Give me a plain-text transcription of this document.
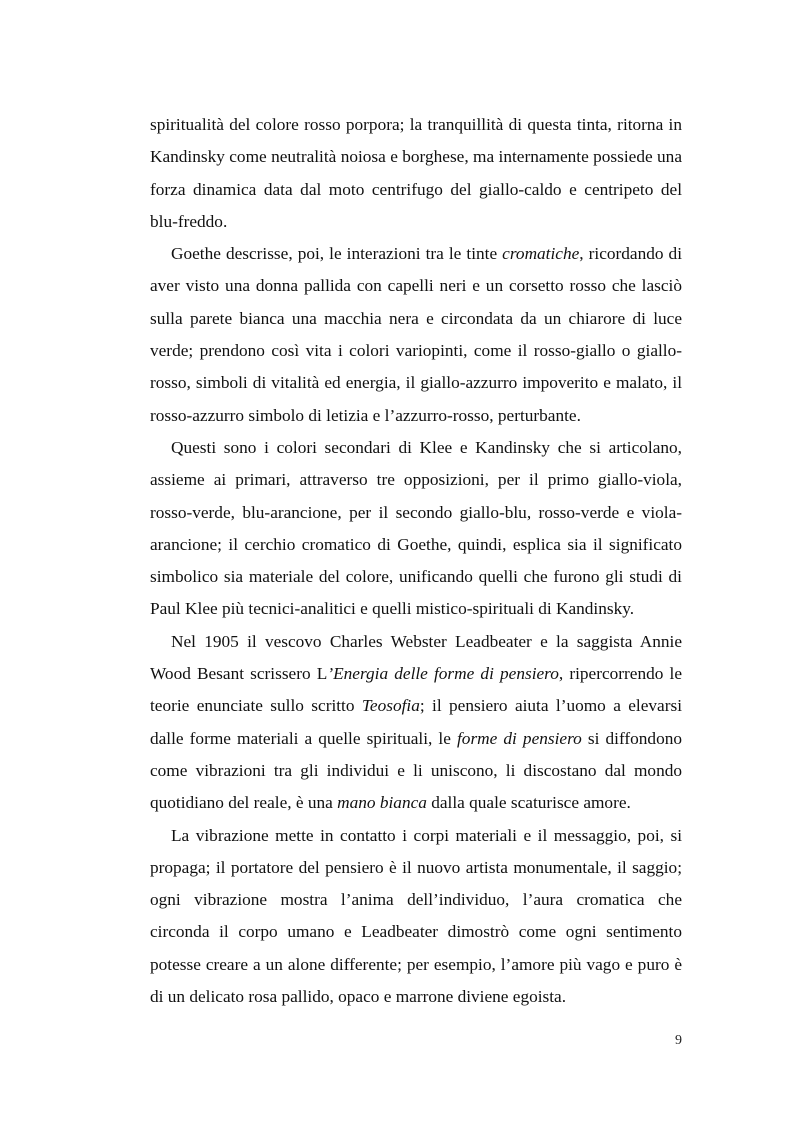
spiritualità del colore rosso porpora; la tranquillità di questa tinta, ritorna in Kandinsky come neutralità noiosa e borghese, ma internamente possiede una forza dinamica data dal moto centrifugo del giallo-caldo e centripeto del blu-freddo.

Goethe descrisse, poi, le interazioni tra le tinte cromatiche, ricordando di aver visto una donna pallida con capelli neri e un corsetto rosso che lasciò sulla parete bianca una macchia nera e circondata da un chiarore di luce verde; prendono così vita i colori variopinti, come il rosso-giallo o giallo-rosso, simboli di vitalità ed energia, il giallo-azzurro impoverito e malato, il rosso-azzurro simbolo di letizia e l’azzurro-rosso, perturbante.

Questi sono i colori secondari di Klee e Kandinsky che si articolano, assieme ai primari, attraverso tre opposizioni, per il primo giallo-viola, rosso-verde, blu-arancione, per il secondo giallo-blu, rosso-verde e viola-arancione; il cerchio cromatico di Goethe, quindi, esplica sia il significato simbolico sia materiale del colore, unificando quelli che furono gli studi di Paul Klee più tecnici-analitici e quelli mistico-spirituali di Kandinsky.

Nel 1905 il vescovo Charles Webster Leadbeater e la saggista Annie Wood Besant scrissero L’Energia delle forme di pensiero, ripercorrendo le teorie enunciate sullo scritto Teosofia; il pensiero aiuta l’uomo a elevarsi dalle forme materiali a quelle spirituali, le forme di pensiero si diffondono come vibrazioni tra gli individui e li uniscono, li discostano dal mondo quotidiano del reale, è una mano bianca dalla quale scaturisce amore.

La vibrazione mette in contatto i corpi materiali e il messaggio, poi, si propaga; il portatore del pensiero è il nuovo artista monumentale, il saggio; ogni vibrazione mostra l’anima dell’individuo, l’aura cromatica che circonda il corpo umano e Leadbeater dimostrò come ogni sentimento potesse creare a un alone differente; per esempio, l’amore più vago e puro è di un delicato rosa pallido, opaco e marrone diviene egoista.

9
